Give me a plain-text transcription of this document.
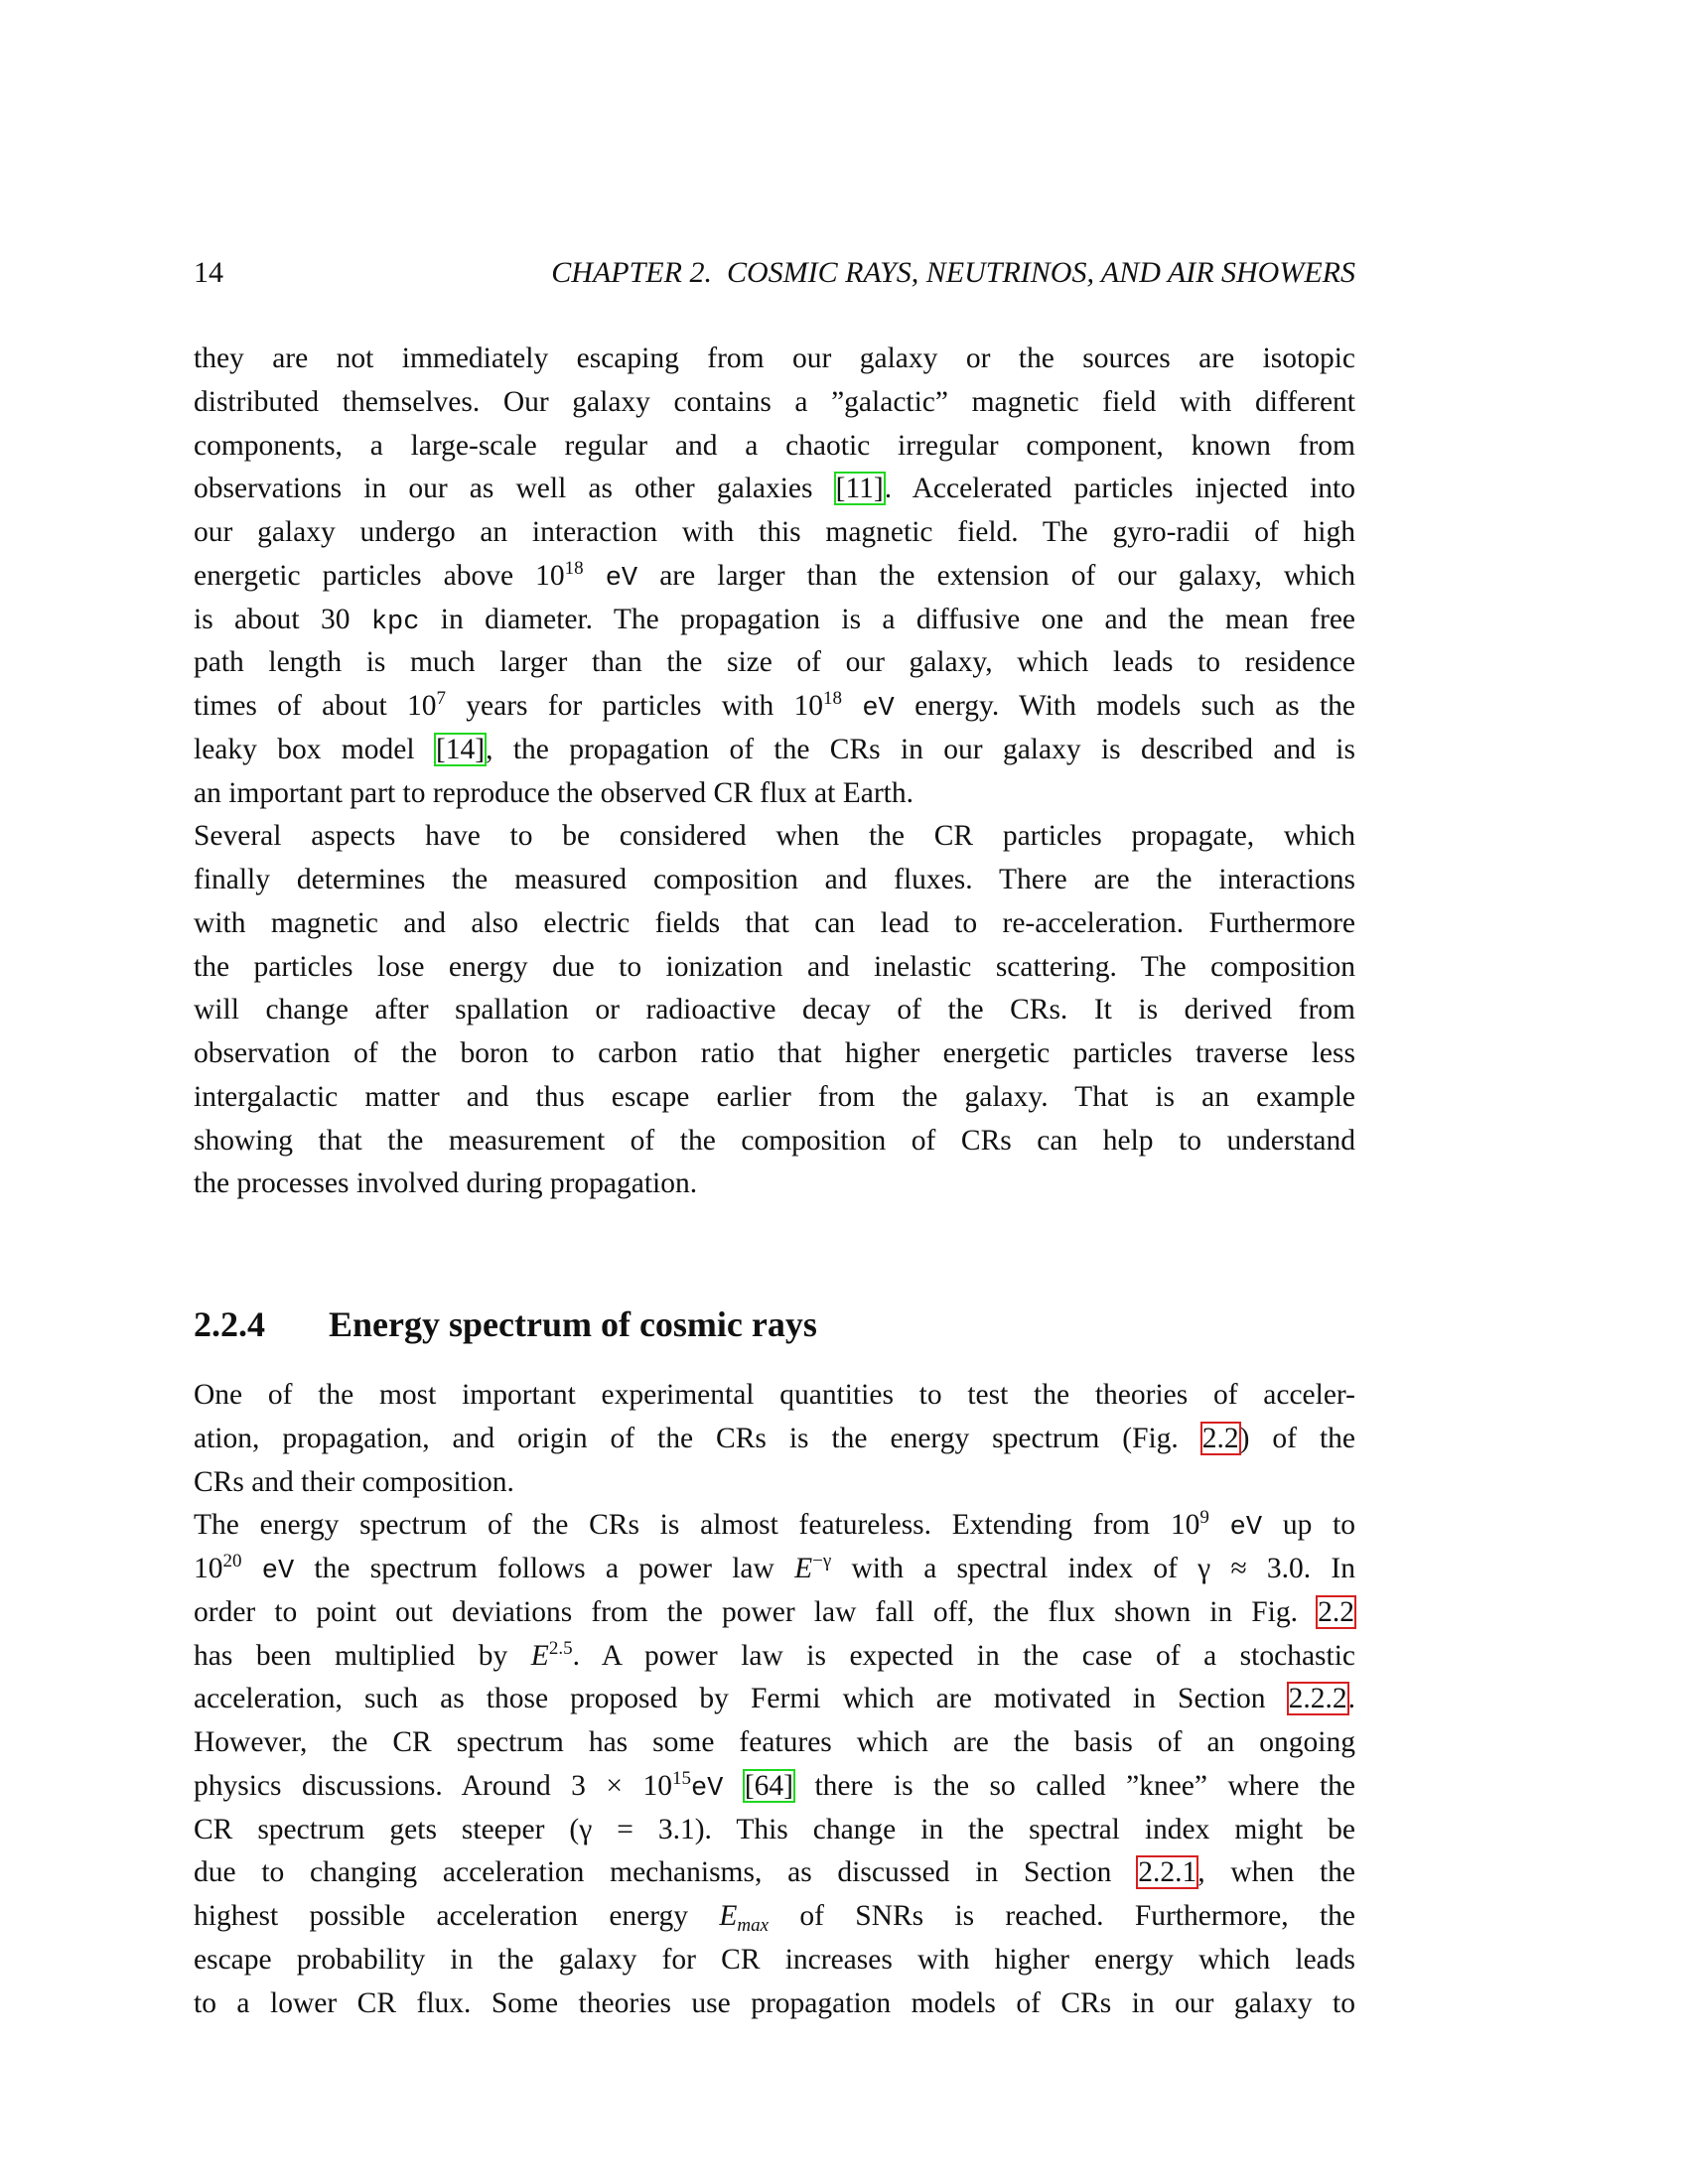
14	CHAPTER 2.  COSMIC RAYS, NEUTRINOS, AND AIR SHOWERS
they are not immediately escaping from our galaxy or the sources are isotopic
distributed themselves. Our galaxy contains a ”galactic” magnetic field with different
components, a large-scale regular and a chaotic irregular component, known from
observations in our as well as other galaxies [11]. Accelerated particles injected into
our galaxy undergo an interaction with this magnetic field. The gyro-radii of high
energetic particles above $10^{18}$ eV are larger than the extension of our galaxy, which
is about 30 kpc in diameter. The propagation is a diffusive one and the mean free
path length is much larger than the size of our galaxy, which leads to residence
times of about $10^7$ years for particles with $10^{18}$ eV energy. With models such as the
leaky box model [14], the propagation of the CRs in our galaxy is described and is
an important part to reproduce the observed CR flux at Earth.
Several aspects have to be considered when the CR particles propagate, which
finally determines the measured composition and fluxes. There are the interactions
with magnetic and also electric fields that can lead to re-acceleration. Furthermore
the particles lose energy due to ionization and inelastic scattering. The composition
will change after spallation or radioactive decay of the CRs. It is derived from
observation of the boron to carbon ratio that higher energetic particles traverse less
intergalactic matter and thus escape earlier from the galaxy. That is an example
showing that the measurement of the composition of CRs can help to understand
the processes involved during propagation.
2.2.4 Energy spectrum of cosmic rays
One of the most important experimental quantities to test the theories of acceler-
ation, propagation, and origin of the CRs is the energy spectrum (Fig. 2.2) of the
CRs and their composition.
The energy spectrum of the CRs is almost featureless. Extending from $10^9$ eV up to
$10^{20}$ eV the spectrum follows a power law $E^{-\gamma}$ with a spectral index of γ ≈ 3.0. In
order to point out deviations from the power law fall off, the flux shown in Fig. 2.2
has been multiplied by $E^{2.5}$. A power law is expected in the case of a stochastic
acceleration, such as those proposed by Fermi which are motivated in Section 2.2.2.
However, the CR spectrum has some features which are the basis of an ongoing
physics discussions. Around $3 \times 10^{15}eV$ [64] there is the so called ”knee” where the
CR spectrum gets steeper (γ = 3.1). This change in the spectral index might be
due to changing acceleration mechanisms, as discussed in Section 2.2.1, when the
highest possible acceleration energy $E_{max}$ of SNRs is reached. Furthermore, the
escape probability in the galaxy for CR increases with higher energy which leads
to a lower CR flux. Some theories use propagation models of CRs in our galaxy to
